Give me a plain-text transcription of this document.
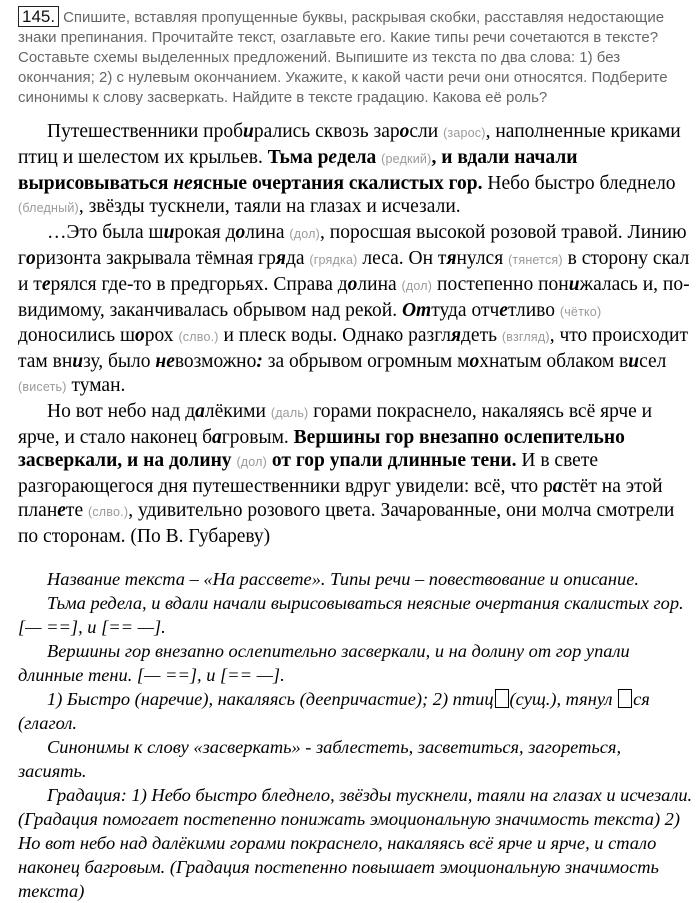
145. Спишите, вставляя пропущенные буквы, раскрывая скобки, расставляя недостающие знаки препинания. Прочитайте текст, озаглавьте его. Какие типы речи сочетаются в тексте? Составьте схемы выделенных предложений. Выпишите из текста по два слова: 1) без окончания; 2) с нулевым окончанием. Укажите, к какой части речи они относятся. Подберите синонимы к слову засверкать. Найдите в тексте градацию. Какова её роль?

Путешественники пробирались сквозь заросли (зарос), наполненные криками птиц и шелестом их крыльев. Тьма редела (редкий), и вдали начали вырисовываться неясные очертания скалистых гор. Небо быстро бледнело (бледный), звёзды тускнели, таяли на глазах и исчезали.

…Это была широкая долина (дол), поросшая высокой розовой травой. Линию горизонта закрывала тёмная гряда (грядка) леса. Он тянулся (тянется) в сторону скал и терялся где-то в предгорьях. Справа долина (дол) постепенно понижалась и, по-видимому, заканчивалась обрывом над рекой. Оттуда отчетливо (чётко) доносились шорох (слво.) и плеск воды. Однако разглядеть (взгляд), что происходит там внизу, было невозможно: за обрывом огромным мохнатым облаком висел (висеть) туман.

Но вот небо над далёкими (даль) горами покраснело, накаляясь всё ярче и ярче, и стало наконец багровым. Вершины гор внезапно ослепительно засверкали, и на долину (дол) от гор упали длинные тени. И в свете разгорающегося дня путешественники вдруг увидели: всё, что растёт на этой планете (слво.), удивительно розового цвета. Зачарованные, они молча смотрели по сторонам. (По В. Губареву)

Название текста – «На рассвете». Типы речи – повествование и описание.

Тьма редела, и вдали начали вырисовываться неясные очертания скалистых гор. [— ==], и [== —].

Вершины гор внезапно ослепительно засверкали, и на долину от гор упали длинные тени. [— ==], и [== —].

1) Быстро (наречие), накаляясь (деепричастие); 2) птиц (сущ.), тянул ся (глагол.

Синонимы к слову «засверкать» - заблестеть, засветиться, загореться, засиять.

Градация: 1) Небо быстро бледнело, звёзды тускнели, таяли на глазах и исчезали. (Градация помогает постепенно понижать эмоциональную значимость текста) 2) Но вот небо над далёкими горами покраснело, накаляясь всё ярче и ярче, и стало наконец багровым. (Градация постепенно повышает эмоциональную значимость текста)
